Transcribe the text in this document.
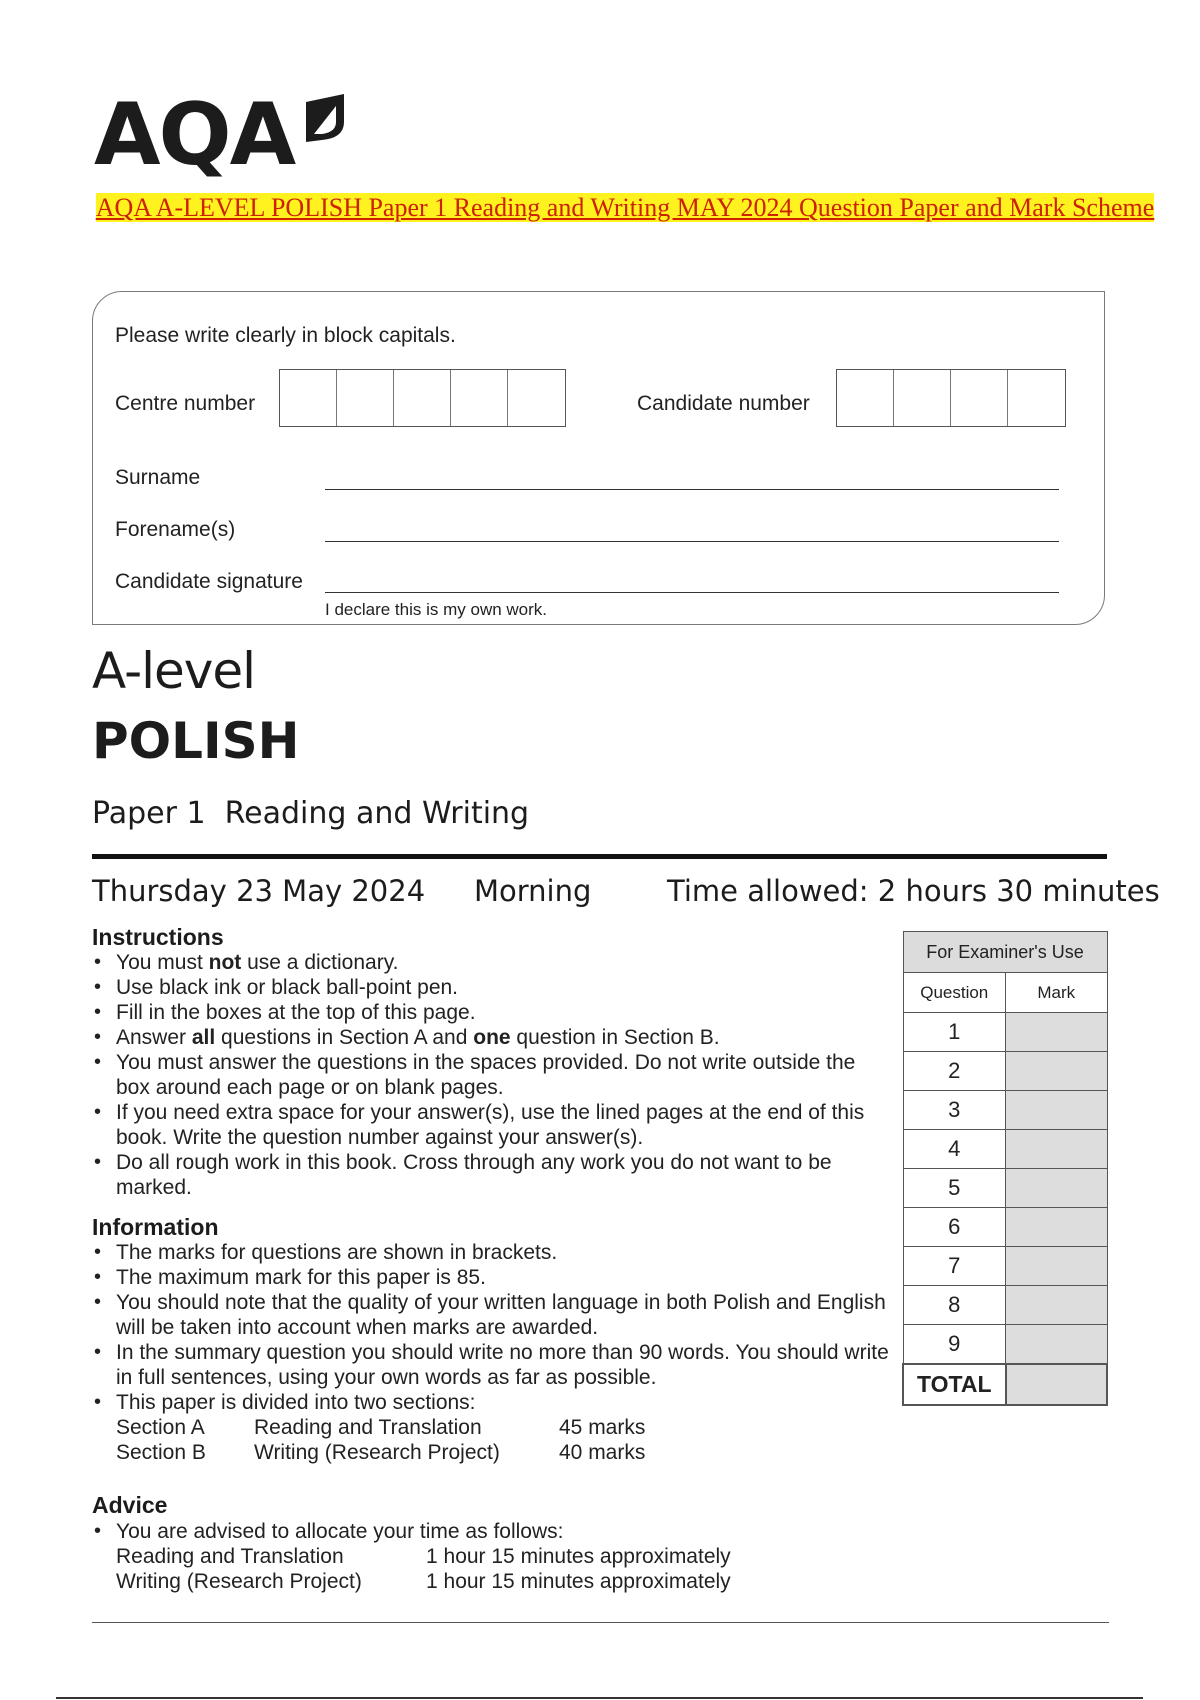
AQA
AQA A-LEVEL POLISH Paper 1 Reading and Writing MAY 2024 Question Paper and Mark Scheme
Please write clearly in block capitals.
Centre number	Candidate number
Surname
Forename(s)
Candidate signature
I declare this is my own work.
A-level
POLISH
Paper 1 Reading and Writing
Thursday 23 May 2024 Morning	Time allowed: 2 hours 30 minutes
Instructions
• You must not use a dictionary.
• Use black ink or black ball-point pen.
• Fill in the boxes at the top of this page.
• Answer all questions in Section A and one question in Section B.
• You must answer the questions in the spaces provided. Do not write outside the box around each page or on blank pages.
• If you need extra space for your answer(s), use the lined pages at the end of this book. Write the question number against your answer(s).
• Do all rough work in this book. Cross through any work you do not want to be marked.
Information
• The marks for questions are shown in brackets.
• The maximum mark for this paper is 85.
• You should note that the quality of your written language in both Polish and English will be taken into account when marks are awarded.
• In the summary question you should write no more than 90 words. You should write in full sentences, using your own words as far as possible.
• This paper is divided into two sections:
Section A	Reading and Translation	45 marks
Section B	Writing (Research Project)	40 marks
Advice
• You are advised to allocate your time as follows:
Reading and Translation	1 hour 15 minutes approximately
Writing (Research Project)	1 hour 15 minutes approximately
For Examiner's Use	
Question	Mark
1	
2	
3	
4	
5	
6	
7	
8	
9	
TOTAL	
